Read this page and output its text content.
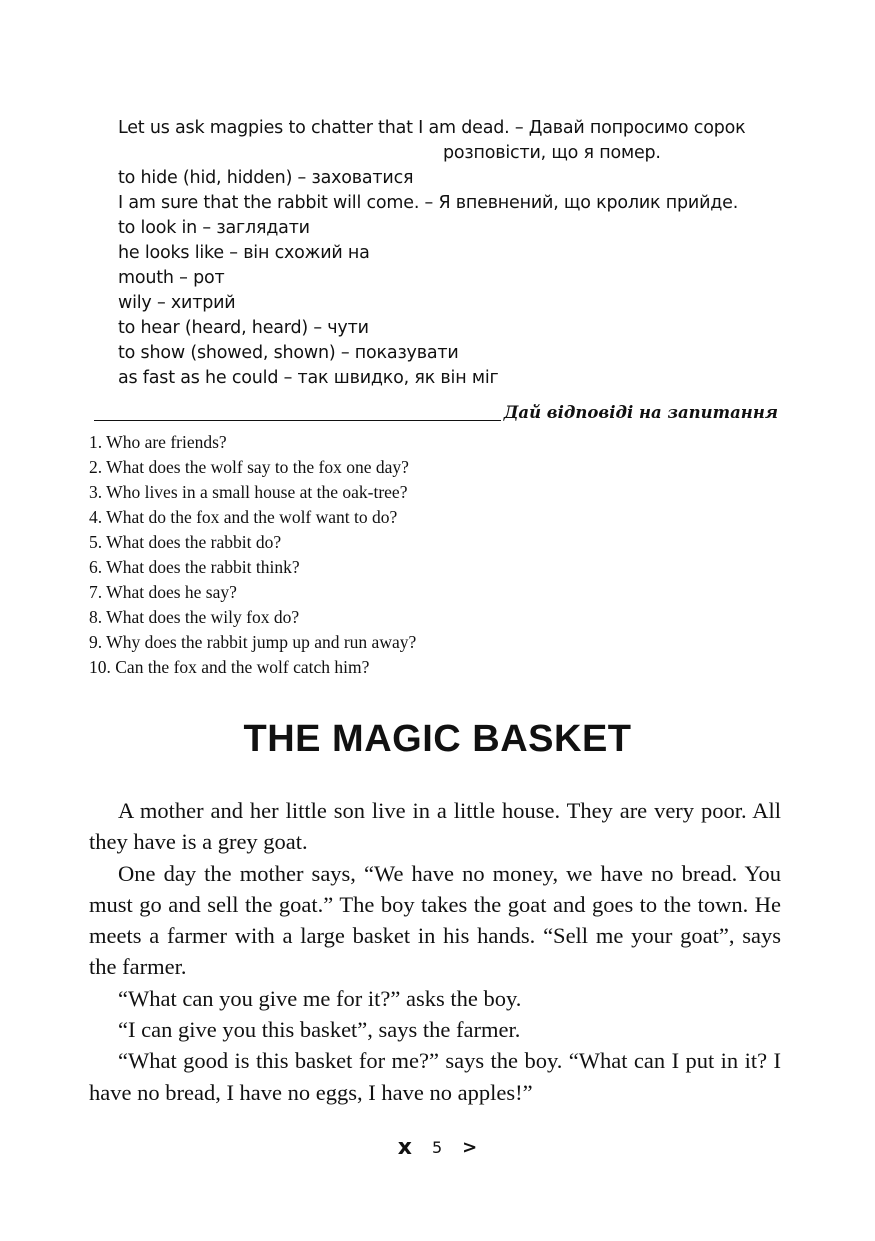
Let us ask magpies to chatter that I am dead. – Давай попросимо сорок
розповісти, що я помер.
to hide (hid, hidden) – заховатися
I am sure that the rabbit will come. – Я впевнений, що кролик прийде.
to look in – заглядати
he looks like – він схожий на
mouth – рот
wily – хитрий
to hear (heard, heard) – чути
to show (showed, shown) – показувати
as fast as he could – так швидко, як він міг
Дай відповіді на запитання
1. Who are friends?
2. What does the wolf say to the fox one day?
3. Who lives in a small house at the oak-tree?
4. What do the fox and the wolf want to do?
5. What does the rabbit do?
6. What does the rabbit think?
7. What does he say?
8. What does the wily fox do?
9. Why does the rabbit jump up and run away?
10. Can the fox and the wolf catch him?
THE MAGIC BASKET

A mother and her little son live in a little house. They are very poor. All they have is a grey goat.

One day the mother says, “We have no money, we have no bread. You must go and sell the goat.” The boy takes the goat and goes to the town. He meets a farmer with a large basket in his hands. “Sell me your goat”, says the farmer.

“What can you give me for it?” asks the boy.

“I can give you this basket”, says the farmer.

“What good is this basket for me?” says the boy. “What can I put in it? I have no bread, I have no eggs, I have no apples!”

x 5 >
